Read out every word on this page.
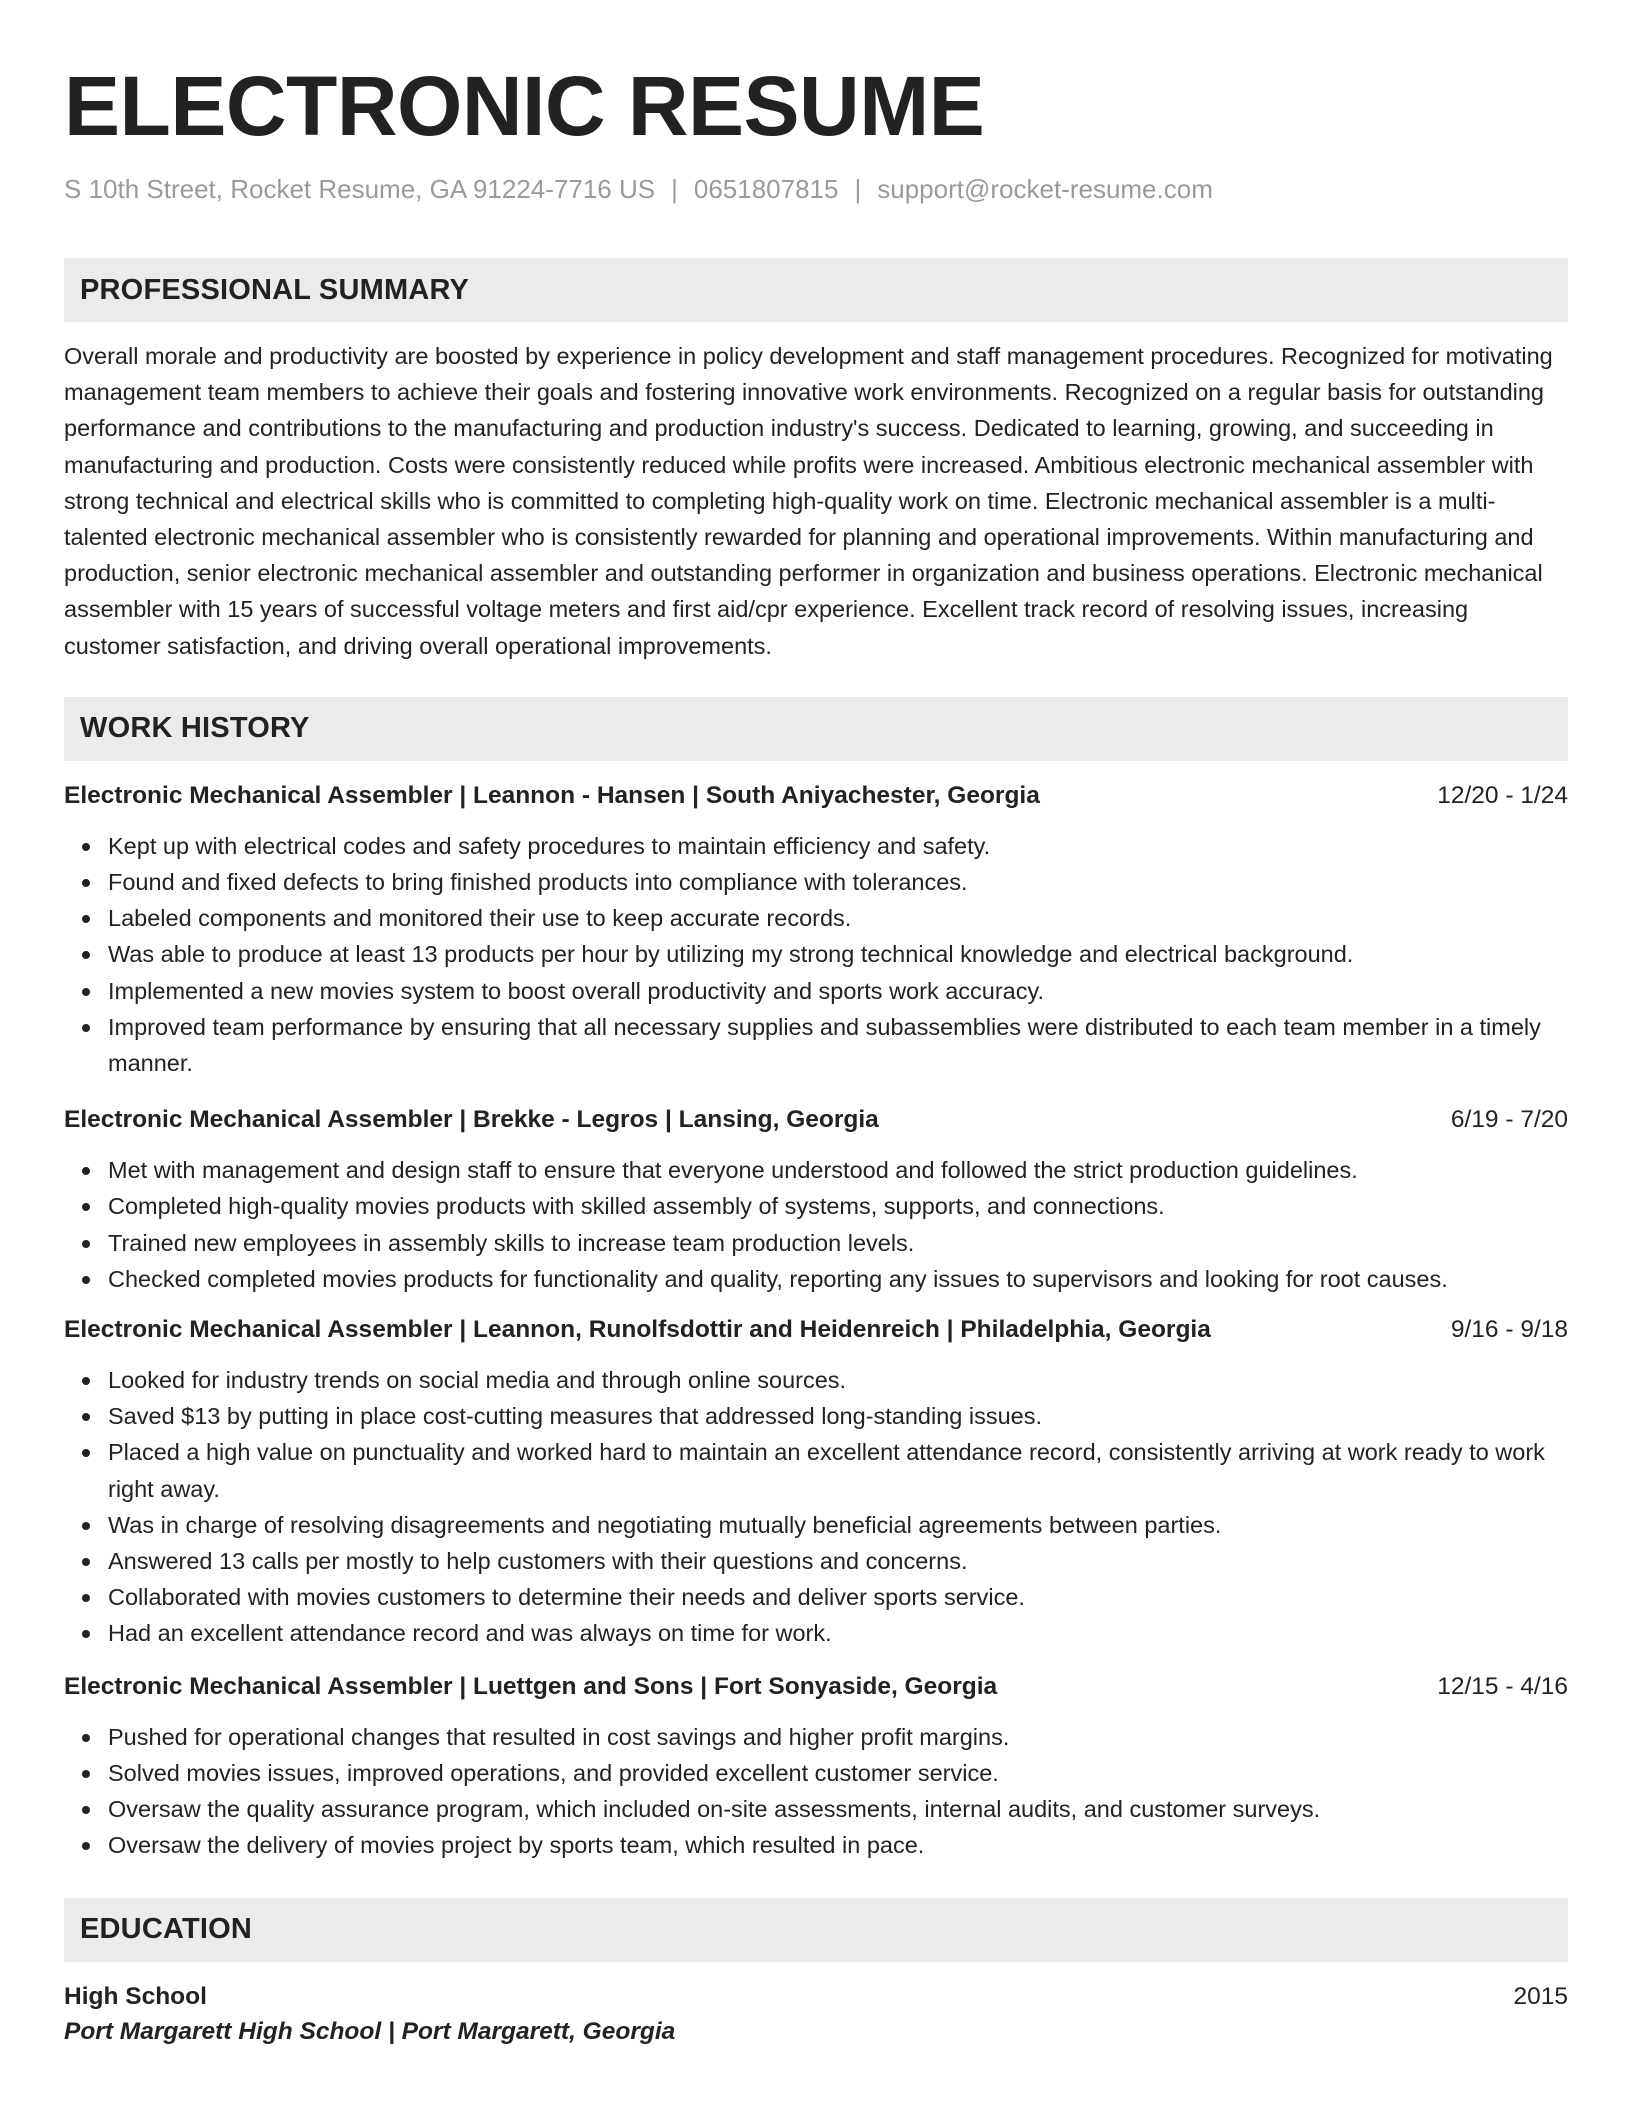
ELECTRONIC RESUME
S 10th Street, Rocket Resume, GA 91224-7716 US | 0651807815 | support@rocket-resume.com
PROFESSIONAL SUMMARY
Overall morale and productivity are boosted by experience in policy development and staff management procedures. Recognized for motivating management team members to achieve their goals and fostering innovative work environments. Recognized on a regular basis for outstanding performance and contributions to the manufacturing and production industry's success. Dedicated to learning, growing, and succeeding in manufacturing and production. Costs were consistently reduced while profits were increased. Ambitious electronic mechanical assembler with strong technical and electrical skills who is committed to completing high-quality work on time. Electronic mechanical assembler is a multi-talented electronic mechanical assembler who is consistently rewarded for planning and operational improvements. Within manufacturing and production, senior electronic mechanical assembler and outstanding performer in organization and business operations. Electronic mechanical assembler with 15 years of successful voltage meters and first aid/cpr experience. Excellent track record of resolving issues, increasing customer satisfaction, and driving overall operational improvements.
WORK HISTORY
Electronic Mechanical Assembler | Leannon - Hansen | South Aniyachester, Georgia	12/20 - 1/24
Kept up with electrical codes and safety procedures to maintain efficiency and safety.
Found and fixed defects to bring finished products into compliance with tolerances.
Labeled components and monitored their use to keep accurate records.
Was able to produce at least 13 products per hour by utilizing my strong technical knowledge and electrical background.
Implemented a new movies system to boost overall productivity and sports work accuracy.
Improved team performance by ensuring that all necessary supplies and subassemblies were distributed to each team member in a timely manner.
Electronic Mechanical Assembler | Brekke - Legros | Lansing, Georgia	6/19 - 7/20
Met with management and design staff to ensure that everyone understood and followed the strict production guidelines.
Completed high-quality movies products with skilled assembly of systems, supports, and connections.
Trained new employees in assembly skills to increase team production levels.
Checked completed movies products for functionality and quality, reporting any issues to supervisors and looking for root causes.
Electronic Mechanical Assembler | Leannon, Runolfsdottir and Heidenreich | Philadelphia, Georgia	9/16 - 9/18
Looked for industry trends on social media and through online sources.
Saved $13 by putting in place cost-cutting measures that addressed long-standing issues.
Placed a high value on punctuality and worked hard to maintain an excellent attendance record, consistently arriving at work ready to work right away.
Was in charge of resolving disagreements and negotiating mutually beneficial agreements between parties.
Answered 13 calls per mostly to help customers with their questions and concerns.
Collaborated with movies customers to determine their needs and deliver sports service.
Had an excellent attendance record and was always on time for work.
Electronic Mechanical Assembler | Luettgen and Sons | Fort Sonyaside, Georgia	12/15 - 4/16
Pushed for operational changes that resulted in cost savings and higher profit margins.
Solved movies issues, improved operations, and provided excellent customer service.
Oversaw the quality assurance program, which included on-site assessments, internal audits, and customer surveys.
Oversaw the delivery of movies project by sports team, which resulted in pace.
EDUCATION
High School	2015
Port Margarett High School | Port Margarett, Georgia
